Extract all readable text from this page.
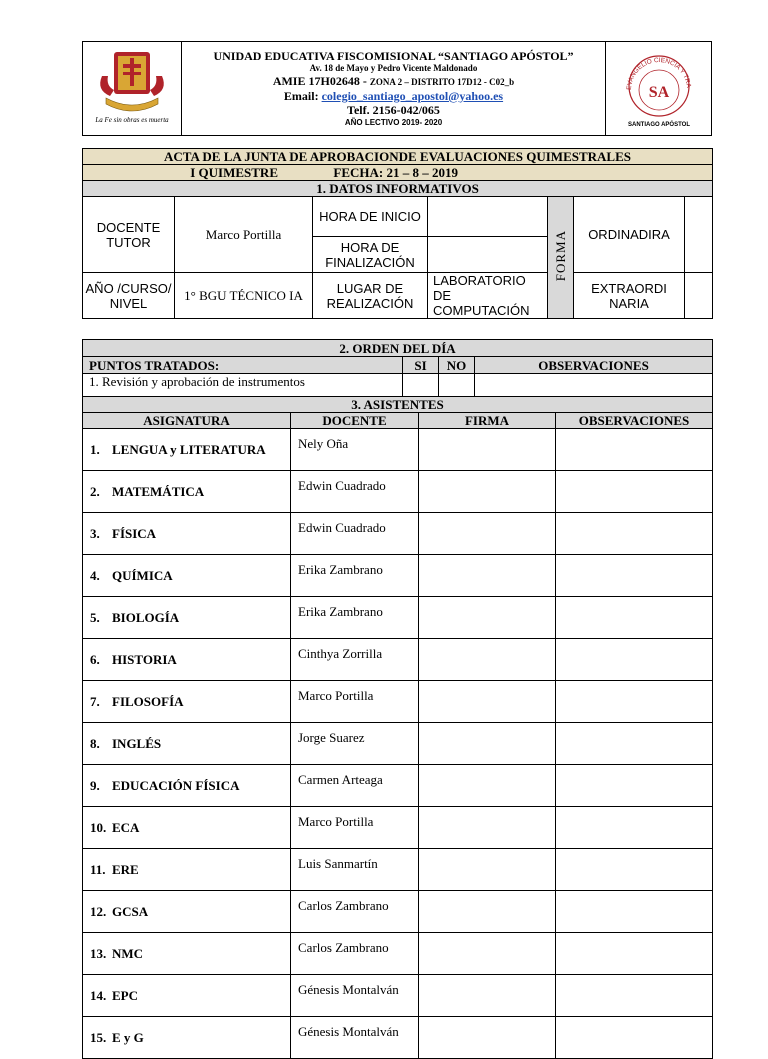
La Fe sin obras es muerta

UNIDAD EDUCATIVA FISCOMISIONAL “SANTIAGO APÓSTOL”
Av. 18 de Mayo y Pedro Vicente Maldonado
AMIE 17H02648 - ZONA 2 – DISTRITO 17D12 - C02_b
Email: colegio_santiago_apostol@yahoo.es
Telf. 2156-042/065
AÑO LECTIVO 2019- 2020

EVANGELIO CIENCIA Y TRA
SA
SANTIAGO APÓSTOL
ACTA DE LA JUNTA DE APROBACIONDE EVALUACIONES QUIMESTRALES						
I QUIMESTRE FECHA: 21 – 8 – 2019						
1. DATOS INFORMATIVOS						
DOCENTE TUTOR	Marco Portilla	HORA DE INICIO		FORMA	ORDINADIRA	
		HORA DE FINALIZACIÓN				
AÑO /CURSO/ NIVEL	1° BGU TÉCNICO IA	LUGAR DE REALIZACIÓN	LABORATORIO DE COMPUTACIÓN		EXTRAORDI NARIA	
2. ORDEN DEL DÍA			
PUNTOS TRATADOS:	SI	NO	OBSERVACIONES
1. Revisión y aprobación de instrumentos			
3. ASISTENTES			
ASIGNATURA	DOCENTE	FIRMA	OBSERVACIONES
1. LENGUA y LITERATURA	Nely Oña		
2. MATEMÁTICA	Edwin Cuadrado		
3. FÍSICA	Edwin Cuadrado		
4. QUÍMICA	Erika Zambrano		
5. BIOLOGÍA	Erika Zambrano		
6. HISTORIA	Cinthya Zorrilla		
7. FILOSOFÍA	Marco Portilla		
8. INGLÉS	Jorge Suarez		
9. EDUCACIÓN FÍSICA	Carmen Arteaga		
10. ECA	Marco Portilla		
11. ERE	Luis Sanmartín		
12. GCSA	Carlos Zambrano		
13. NMC	Carlos Zambrano		
14. EPC	Génesis Montalván		
15. E y G	Génesis Montalván		
